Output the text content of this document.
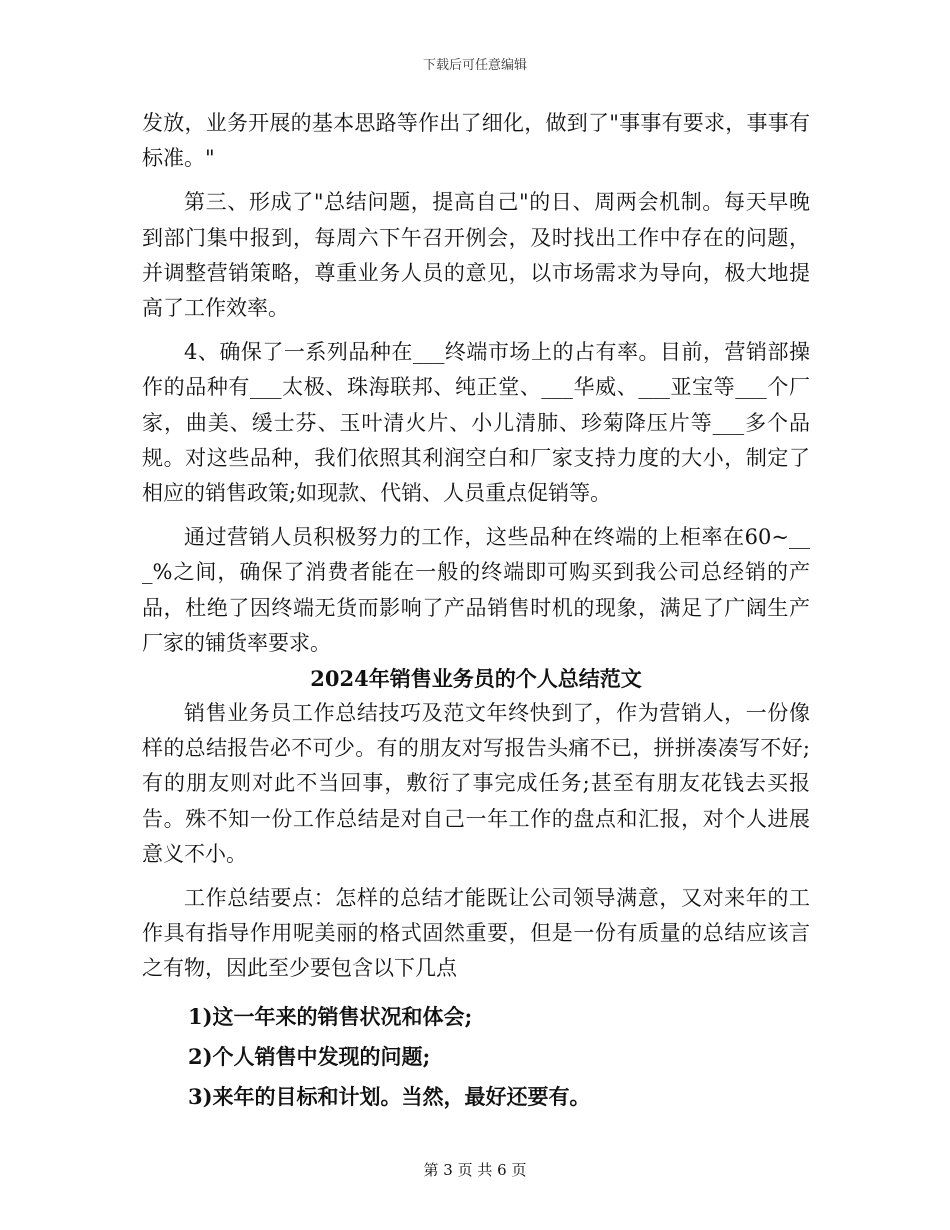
下载后可任意编辑

发放，业务开展的基本思路等作出了细化，做到了"事事有要求，事事有标准。"

第三、形成了"总结问题，提高自己"的日、周两会机制。每天早晚到部门集中报到，每周六下午召开例会，及时找出工作中存在的问题，并调整营销策略，尊重业务人员的意见，以市场需求为导向，极大地提高了工作效率。

4、确保了一系列品种在___终端市场上的占有率。目前，营销部操作的品种有___太极、珠海联邦、纯正堂、___华威、___亚宝等___个厂家，曲美、缓士芬、玉叶清火片、小儿清肺、珍菊降压片等___多个品规。对这些品种，我们依照其利润空白和厂家支持力度的大小，制定了相应的销售政策;如现款、代销、人员重点促销等。

通过营销人员积极努力的工作，这些品种在终端的上柜率在60~___%之间，确保了消费者能在一般的终端即可购买到我公司总经销的产品，杜绝了因终端无货而影响了产品销售时机的现象，满足了广阔生产厂家的铺货率要求。

2024年销售业务员的个人总结范文

销售业务员工作总结技巧及范文年终快到了，作为营销人，一份像样的总结报告必不可少。有的朋友对写报告头痛不已，拼拼凑凑写不好;有的朋友则对此不当回事，敷衍了事完成任务;甚至有朋友花钱去买报告。殊不知一份工作总结是对自己一年工作的盘点和汇报，对个人进展意义不小。

工作总结要点：怎样的总结才能既让公司领导满意，又对来年的工作具有指导作用呢美丽的格式固然重要，但是一份有质量的总结应该言之有物，因此至少要包含以下几点

1)这一年来的销售状况和体会;

2)个人销售中发现的问题;

3)来年的目标和计划。当然，最好还要有。

第 3 页 共 6 页
